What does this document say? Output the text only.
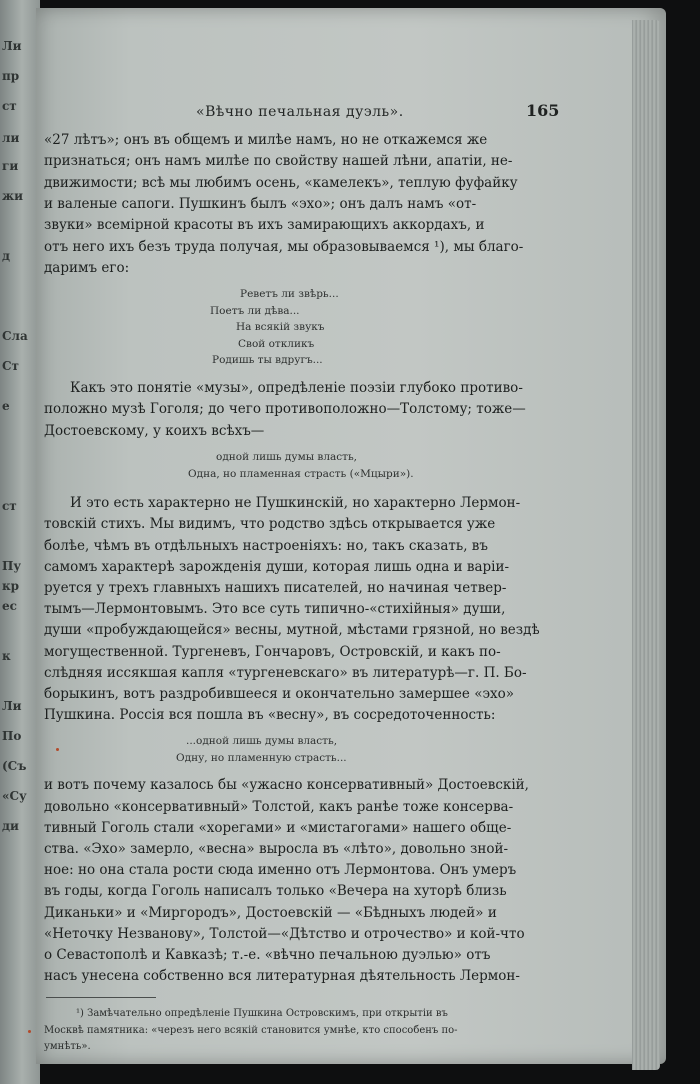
Ли
пр
ст
ли
ги
жи
д
Сла
Ст
е
ст
Пу
кр
ес
к
Ли
По
(Съ
«Су
ди
«Вѣчно печальная дуэль».	165
«27 лѣтъ»; онъ въ общемъ и милѣе намъ, но не откажемся же
признаться; онъ намъ милѣе по свойству нашей лѣни, апатіи, не-
движимости; всѣ мы любимъ осень, «камелекъ», теплую фуфайку
и валеные сапоги. Пушкинъ былъ «эхо»; онъ далъ намъ «от-
звуки» всемірной красоты въ ихъ замирающихъ аккордахъ, и
отъ него ихъ безъ труда получая, мы образовываемся ¹), мы благо-
даримъ его:
Реветъ ли звѣрь...
Поетъ ли дѣва...
На всякій звукъ
Свой откликъ
Родишь ты вдругъ...
Какъ это понятіе «музы», опредѣленіе поэзіи глубоко противо-
положно музѣ Гоголя; до чего противоположно—Толстому; тоже—
Достоевскому, у коихъ всѣхъ—
одной лишь думы власть,
Одна, но пламенная страсть («Мцыри»).
И это есть характерно не Пушкинскій, но характерно Лермон-
товскій стихъ. Мы видимъ, что родство здѣсь открывается уже
болѣе, чѣмъ въ отдѣльныхъ настроеніяхъ: но, такъ сказать, въ
самомъ характерѣ зарожденія души, которая лишь одна и варіи-
руется у трехъ главныхъ нашихъ писателей, но начиная четвер-
тымъ—Лермонтовымъ. Это все суть типично-«стихійныя» души,
души «пробуждающейся» весны, мутной, мѣстами грязной, но вездѣ
могущественной. Тургеневъ, Гончаровъ, Островскій, и какъ по-
слѣдняя иссякшая капля «тургеневскаго» въ литературѣ—г. П. Бо-
борыкинъ, вотъ раздробившееся и окончательно замершее «эхо»
Пушкина. Россія вся пошла въ «весну», въ сосредоточенность:
...одной лишь думы власть,
Одну, но пламенную страсть...
и вотъ почему казалось бы «ужасно консервативный» Достоевскій,
довольно «консервативный» Толстой, какъ ранѣе тоже консерва-
тивный Гоголь стали «хорегами» и «мистагогами» нашего обще-
ства. «Эхо» замерло, «весна» выросла въ «лѣто», довольно зной-
ное: но она стала рости сюда именно отъ Лермонтова. Онъ умеръ
въ годы, когда Гоголь написалъ только «Вечера на хуторѣ близь
Диканьки» и «Миргородъ», Достоевскій — «Бѣдныхъ людей» и
«Неточку Незванову», Толстой—«Дѣтство и отрочество» и кой-что
о Севастополѣ и Кавказѣ; т.-е. «вѣчно печальною дуэлью» отъ
насъ унесена собственно вся литературная дѣятельность Лермон-
¹) Замѣчательно опредѣленіе Пушкина Островскимъ, при открытіи въ
Москвѣ памятника: «черезъ него всякій становится умнѣе, кто способенъ по-
умнѣть».
